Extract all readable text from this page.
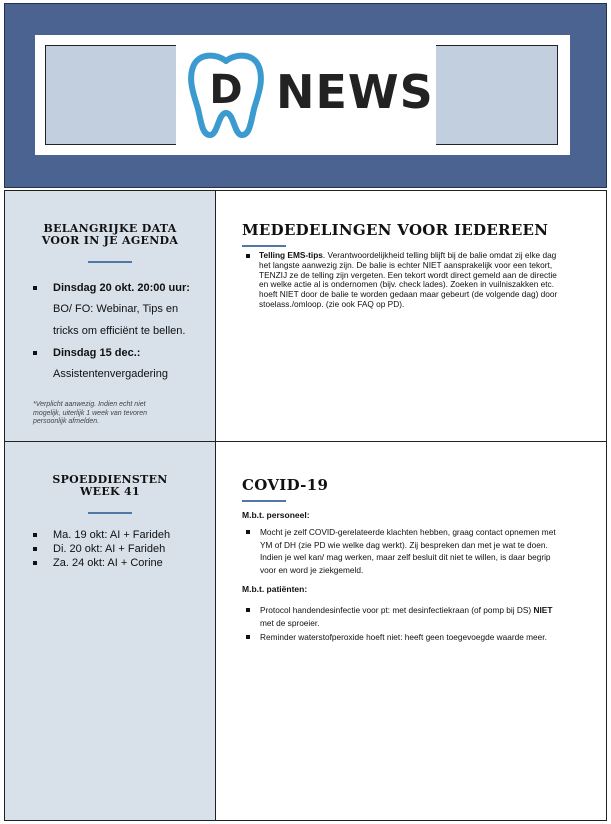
D NEWS
BELANGRIJKE DATA
VOOR IN JE AGENDA
Dinsdag 20 okt. 20:00 uur:
BO/ FO: Webinar, Tips en
tricks om efficiënt te bellen.
Dinsdag 15 dec.:
Assistentenvergadering
*Verplicht aanwezig. Indien echt niet
mogelijk, uiterlijk 1 week van tevoren
persoonlijk afmelden.
MEDEDELINGEN VOOR IEDEREEN
Telling EMS-tips. Verantwoordelijkheid telling blijft bij de balie omdat zij elke dag
het langste aanwezig zijn. De balie is echter NIET aansprakelijk voor een tekort,
TENZIJ ze de telling zijn vergeten. Een tekort wordt direct gemeld aan de directie
en welke actie al is ondernomen (bijv. check lades). Zoeken in vuilniszakken etc.
hoeft NIET door de balie te worden gedaan maar gebeurt (de volgende dag) door
stoelass./omloop. (zie ook FAQ op PD).
SPOEDDIENSTEN
WEEK 41
Ma. 19 okt: AI + Farideh
Di. 20 okt: AI + Farideh
Za. 24 okt: AI + Corine
COVID-19
M.b.t. personeel:
Mocht je zelf COVID-gerelateerde klachten hebben, graag contact opnemen met
YM of DH (zie PD wie welke dag werkt). Zij bespreken dan met je wat te doen.
Indien je wel kan/ mag werken, maar zelf besluit dit niet te willen, is daar begrip
voor en word je ziekgemeld.
M.b.t. patiënten:
Protocol handendesinfectie voor pt: met desinfectiekraan (of pomp bij DS) NIET
met de sproeier.
Reminder waterstofperoxide hoeft niet: heeft geen toegevoegde waarde meer.
